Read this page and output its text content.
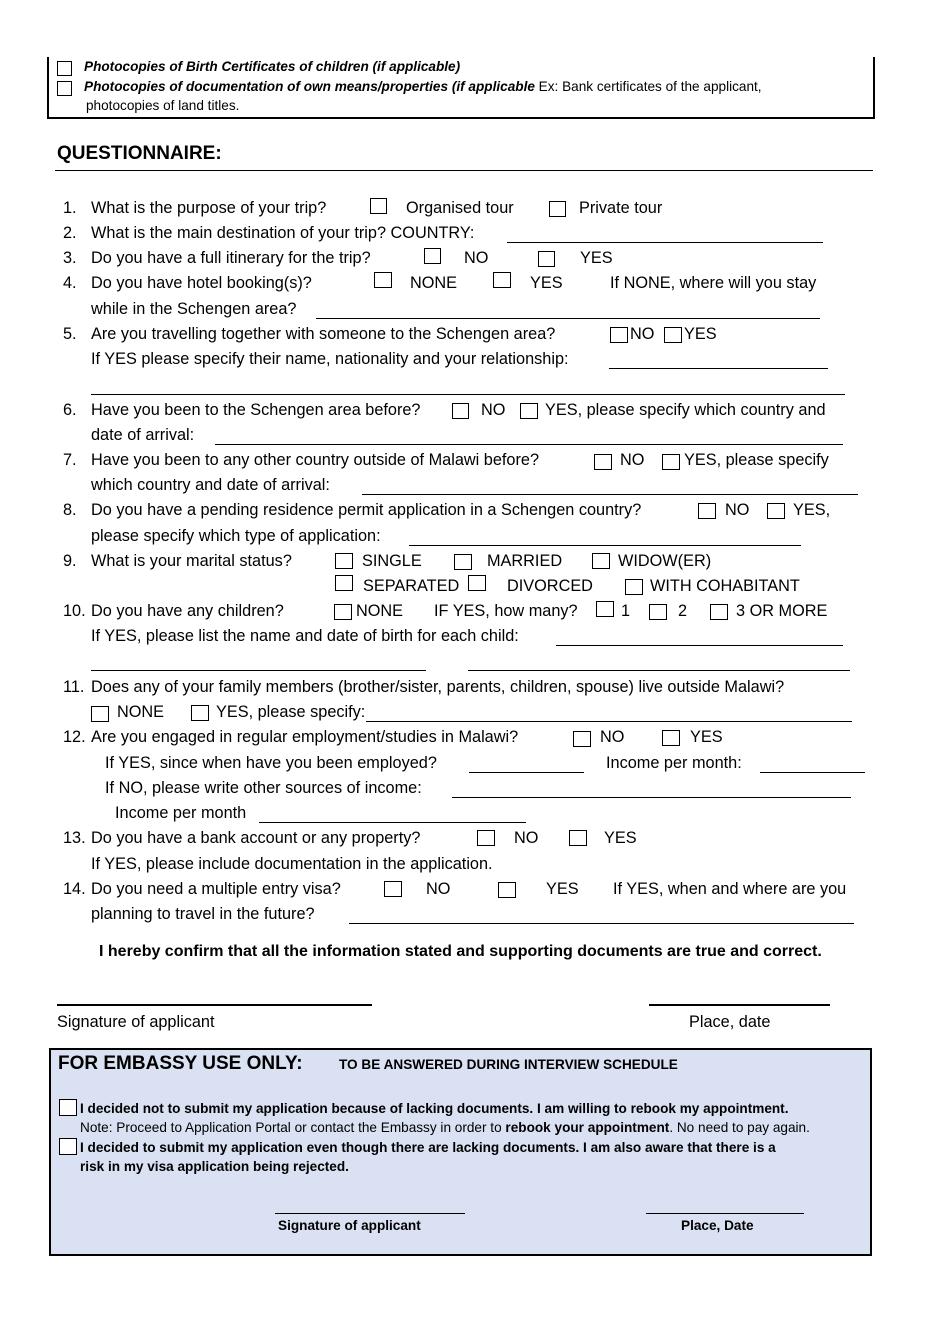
Photocopies of Birth Certificates of children (if applicable)
Photocopies of documentation of own means/properties (if applicable Ex: Bank certificates of the applicant,
photocopies of land titles.
QUESTIONNAIRE:
1. What is the purpose of your trip?	Organised tour	Private tour
2. What is the main destination of your trip? COUNTRY:
3. Do you have a full itinerary for the trip?	NO	YES
4. Do you have hotel booking(s)?	NONE	YES	If NONE, where will you stay
while in the Schengen area?
5. Are you travelling together with someone to the Schengen area?	NO YES
If YES please specify their name, nationality and your relationship:
6. Have you been to the Schengen area before?	NO YES, please specify which country and
date of arrival:
7. Have you been to any other country outside of Malawi before?	NO YES, please specify
which country and date of arrival:
8. Do you have a pending residence permit application in a Schengen country?	NO	YES,
please specify which type of application:
9. What is your marital status?	SINGLE	MARRIED	WIDOW(ER)
SEPARATED	DIVORCED	WITH COHABITANT
10. Do you have any children?	NONE IF YES, how many?	1	2	3 OR MORE
If YES, please list the name and date of birth for each child:
11. Does any of your family members (brother/sister, parents, children, spouse) live outside Malawi?
NONE	YES, please specify:
12. Are you engaged in regular employment/studies in Malawi?	NO	YES
If YES, since when have you been employed?	Income per month:
If NO, please write other sources of income:
Income per month
13. Do you have a bank account or any property?	NO	YES
If YES, please include documentation in the application.
14. Do you need a multiple entry visa?	NO	YES If YES, when and where are you
planning to travel in the future?
I hereby confirm that all the information stated and supporting documents are true and correct.
Signature of applicant	Place, date
FOR EMBASSY USE ONLY:	TO BE ANSWERED DURING INTERVIEW SCHEDULE
I decided not to submit my application because of lacking documents. I am willing to rebook my appointment.
Note: Proceed to Application Portal or contact the Embassy in order to rebook your appointment. No need to pay again.
I decided to submit my application even though there are lacking documents. I am also aware that there is a
risk in my visa application being rejected.
Signature of applicant	Place, Date
